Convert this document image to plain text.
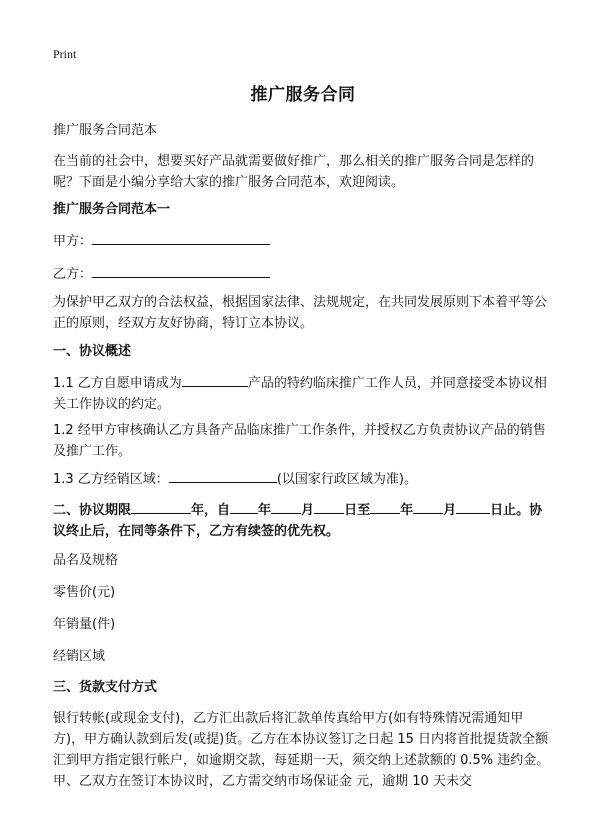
Print
推广服务合同
推广服务合同范本
在当前的社会中，想要买好产品就需要做好推广，那么相关的推广服务合同是怎样的呢？下面是小编分享给大家的推广服务合同范本，欢迎阅读。
推广服务合同范本一
甲方：
乙方：
为保护甲乙双方的合法权益，根据国家法律、法规规定，在共同发展原则下本着平等公正的原则，经双方友好协商，特订立本协议。
一、协议概述
1.1 乙方自愿申请成为	产品的特约临床推广工作人员，并同意接受本协议相关工作协议的约定。
1.2 经甲方审核确认乙方具备产品临床推广工作条件，并授权乙方负责协议产品的销售及推广工作。
1.3 乙方经销区域：	(以国家行政区域为准)。
二、协议期限	年，自 年 月 日至 年 月	日止。协议终止后，在同等条件下，乙方有续签的优先权。
品名及规格
零售价(元)
年销量(件)
经销区域
三、货款支付方式
银行转帐(或现金支付)，乙方汇出款后将汇款单传真给甲方(如有特殊情况需通知甲方)，甲方确认款到后发(或提)货。乙方在本协议签订之日起 15 日内将首批提货款全额汇到甲方指定银行帐户，如逾期交款，每延期一天，须交纳上述款额的 0.5% 违约金。甲、乙双方在签订本协议时，乙方需交纳市场保证金 元，逾期 10 天未交
